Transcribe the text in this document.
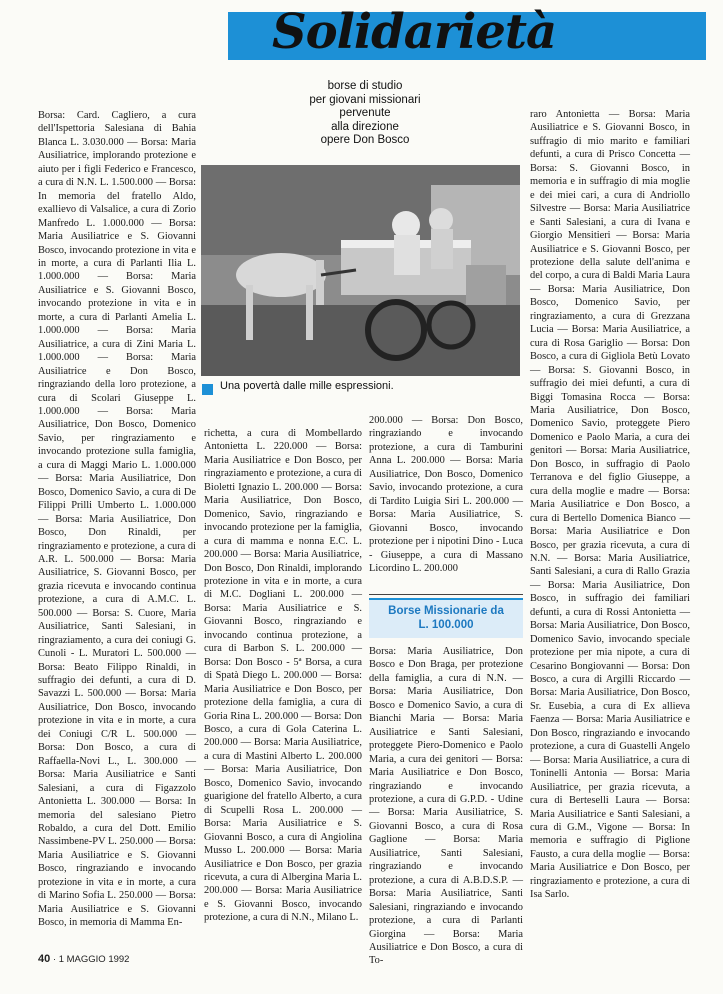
Solidarietà
borse di studio
per giovani missionari
pervenute
alla direzione
opere Don Bosco
Una povertà dalle mille espressioni.

Borsa: Card. Cagliero, a cura dell'Ispettoria Salesiana di Bahia Blanca L. 3.030.000 — Borsa: Maria Ausiliatrice, implorando protezione e aiuto per i figli Federico e Francesco, a cura di N.N. L. 1.500.000 — Borsa: In memoria del fratello Aldo, exallievo di Valsalice, a cura di Zorio Manfredo L. 1.000.000 — Borsa: Maria Ausiliatrice e S. Giovanni Bosco, invocando protezione in vita e in morte, a cura di Parlanti Ilia L. 1.000.000 — Borsa: Maria Ausiliatrice e S. Giovanni Bosco, invocando protezione in vita e in morte, a cura di Parlanti Amelia L. 1.000.000 — Borsa: Maria Ausiliatrice, a cura di Zini Maria L. 1.000.000 — Borsa: Maria Ausiliatrice e Don Bosco, ringraziando della loro protezione, a cura di Scolari Giuseppe L. 1.000.000 — Borsa: Maria Ausiliatrice, Don Bosco, Domenico Savio, per ringraziamento e invocando protezione sulla famiglia, a cura di Maggi Mario L. 1.000.000 — Borsa: Maria Ausiliatrice, Don Bosco, Domenico Savio, a cura di De Filippi Prilli Umberto L. 1.000.000 — Borsa: Maria Ausiliatrice, Don Bosco, Don Rinaldi, per ringraziamento e protezione, a cura di A.R. L. 500.000 — Borsa: Maria Ausiliatrice, S. Giovanni Bosco, per grazia ricevuta e invocando continua protezione, a cura di A.M.C. L. 500.000 — Borsa: S. Cuore, Maria Ausiliatrice, Santi Salesiani, in ringraziamento, a cura dei coniugi G. Cunoli - L. Muratori L. 500.000 — Borsa: Beato Filippo Rinaldi, in suffragio dei defunti, a cura di D. Savazzi L. 500.000 — Borsa: Maria Ausiliatrice, Don Bosco, invocando protezione in vita e in morte, a cura dei Coniugi C/R L. 500.000 — Borsa: Don Bosco, a cura di Raffaella-Novi L., L. 300.000 — Borsa: Maria Ausiliatrice e Santi Salesiani, a cura di Figazzolo Antonietta L. 300.000 — Borsa: In memoria del salesiano Pietro Robaldo, a cura del Dott. Emilio Nassimbene-PV L. 250.000 — Borsa: Maria Ausiliatrice e S. Giovanni Bosco, ringraziando e invocando protezione in vita e in morte, a cura di Marino Sofia L. 250.000 — Borsa: Maria Ausiliatrice e S. Giovanni Bosco, in memoria di Mamma En-

richetta, a cura di Mombellardo Antonietta L. 220.000 — Borsa: Maria Ausiliatrice e Don Bosco, per ringraziamento e protezione, a cura di Bioletti Ignazio L. 200.000 — Borsa: Maria Ausiliatrice, Don Bosco, Domenico, Savio, ringraziando e invocando protezione per la famiglia, a cura di mamma e nonna E.C. L. 200.000 — Borsa: Maria Ausiliatrice, Don Bosco, Don Rinaldi, implorando protezione in vita e in morte, a cura di M.C. Dogliani L. 200.000 — Borsa: Maria Ausiliatrice e S. Giovanni Bosco, ringraziando e invocando continua protezione, a cura di Barbon S. L. 200.000 — Borsa: Don Bosco - 5ª Borsa, a cura di Spatà Diego L. 200.000 — Borsa: Maria Ausiliatrice e Don Bosco, per protezione della famiglia, a cura di Goria Rina L. 200.000 — Borsa: Don Bosco, a cura di Gola Caterina L. 200.000 — Borsa: Maria Ausiliatrice, a cura di Mastini Alberto L. 200.000 — Borsa: Maria Ausiliatrice, Don Bosco, Domenico Savio, invocando guarigione del fratello Alberto, a cura di Scupelli Rosa L. 200.000 — Borsa: Maria Ausiliatrice e S. Giovanni Bosco, a cura di Angiolina Musso L. 200.000 — Borsa: Maria Ausiliatrice e Don Bosco, per grazia ricevuta, a cura di Albergina Maria L. 200.000 — Borsa: Maria Ausiliatrice e S. Giovanni Bosco, invocando protezione, a cura di N.N., Milano L.

200.000 — Borsa: Don Bosco, ringraziando e invocando protezione, a cura di Tamburini Anna L. 200.000 — Borsa: Maria Ausiliatrice, Don Bosco, Domenico Savio, invocando protezione, a cura di Tardito Luigia Siri L. 200.000 — Borsa: Maria Ausiliatrice, S. Giovanni Bosco, invocando protezione per i nipotini Dino - Luca - Giuseppe, a cura di Massano Licordino L. 200.000

Borse Missionarie da
L. 100.000

Borsa: Maria Ausiliatrice, Don Bosco e Don Braga, per protezione della famiglia, a cura di N.N. — Borsa: Maria Ausiliatrice, Don Bosco e Domenico Savio, a cura di Bianchi Maria — Borsa: Maria Ausiliatrice e Santi Salesiani, proteggete Piero-Domenico e Paolo Maria, a cura dei genitori — Borsa: Maria Ausiliatrice e Don Bosco, ringraziando e invocando protezione, a cura di G.P.D. - Udine — Borsa: Maria Ausiliatrice, S. Giovanni Bosco, a cura di Rosa Gaglione — Borsa: Maria Ausiliatrice, Santi Salesiani, ringraziando e invocando protezione, a cura di A.B.D.S.P. — Borsa: Maria Ausiliatrice, Santi Salesiani, ringraziando e invocando protezione, a cura di Parlanti Giorgina — Borsa: Maria Ausiliatrice e Don Bosco, a cura di To-

raro Antonietta — Borsa: Maria Ausiliatrice e S. Giovanni Bosco, in suffragio di mio marito e familiari defunti, a cura di Prisco Concetta — Borsa: S. Giovanni Bosco, in memoria e in suffragio di mia moglie e dei miei cari, a cura di Andriollo Silvestre — Borsa: Maria Ausiliatrice e Santi Salesiani, a cura di Ivana e Giorgio Mensitieri — Borsa: Maria Ausiliatrice e S. Giovanni Bosco, per protezione della salute dell'anima e del corpo, a cura di Baldi Maria Laura — Borsa: Maria Ausiliatrice, Don Bosco, Domenico Savio, per ringraziamento, a cura di Grezzana Lucia — Borsa: Maria Ausiliatrice, a cura di Rosa Gariglio — Borsa: Don Bosco, a cura di Gigliola Betù Lovato — Borsa: S. Giovanni Bosco, in suffragio dei miei defunti, a cura di Biggi Tomasina Rocca — Borsa: Maria Ausiliatrice, Don Bosco, Domenico Savio, proteggete Piero Domenico e Paolo Maria, a cura dei genitori — Borsa: Maria Ausiliatrice, Don Bosco, in suffragio di Paolo Terranova e del figlio Giuseppe, a cura della moglie e madre — Borsa: Maria Ausiliatrice e Don Bosco, a cura di Bertello Domenica Bianco — Borsa: Maria Ausiliatrice e Don Bosco, per grazia ricevuta, a cura di N.N. — Borsa: Maria Ausiliatrice, Santi Salesiani, a cura di Rallo Grazia — Borsa: Maria Ausiliatrice, Don Bosco, in suffragio dei familiari defunti, a cura di Rossi Antonietta — Borsa: Maria Ausiliatrice, Don Bosco, Domenico Savio, invocando speciale protezione per mia nipote, a cura di Cesarino Bongiovanni — Borsa: Don Bosco, a cura di Argilli Riccardo — Borsa: Maria Ausiliatrice, Don Bosco, Sr. Eusebia, a cura di Ex allieva Faenza — Borsa: Maria Ausiliatrice e Don Bosco, ringraziando e invocando protezione, a cura di Guastelli Angelo — Borsa: Maria Ausiliatrice, a cura di Toninelli Antonia — Borsa: Maria Ausiliatrice, per grazia ricevuta, a cura di Berteselli Laura — Borsa: Maria Ausiliatrice e Santi Salesiani, a cura di G.M., Vigone — Borsa: In memoria e suffragio di Piglione Fausto, a cura della moglie — Borsa: Maria Ausiliatrice e Don Bosco, per ringraziamento e protezione, a cura di Isa Sarlo.

40 · 1 MAGGIO 1992
